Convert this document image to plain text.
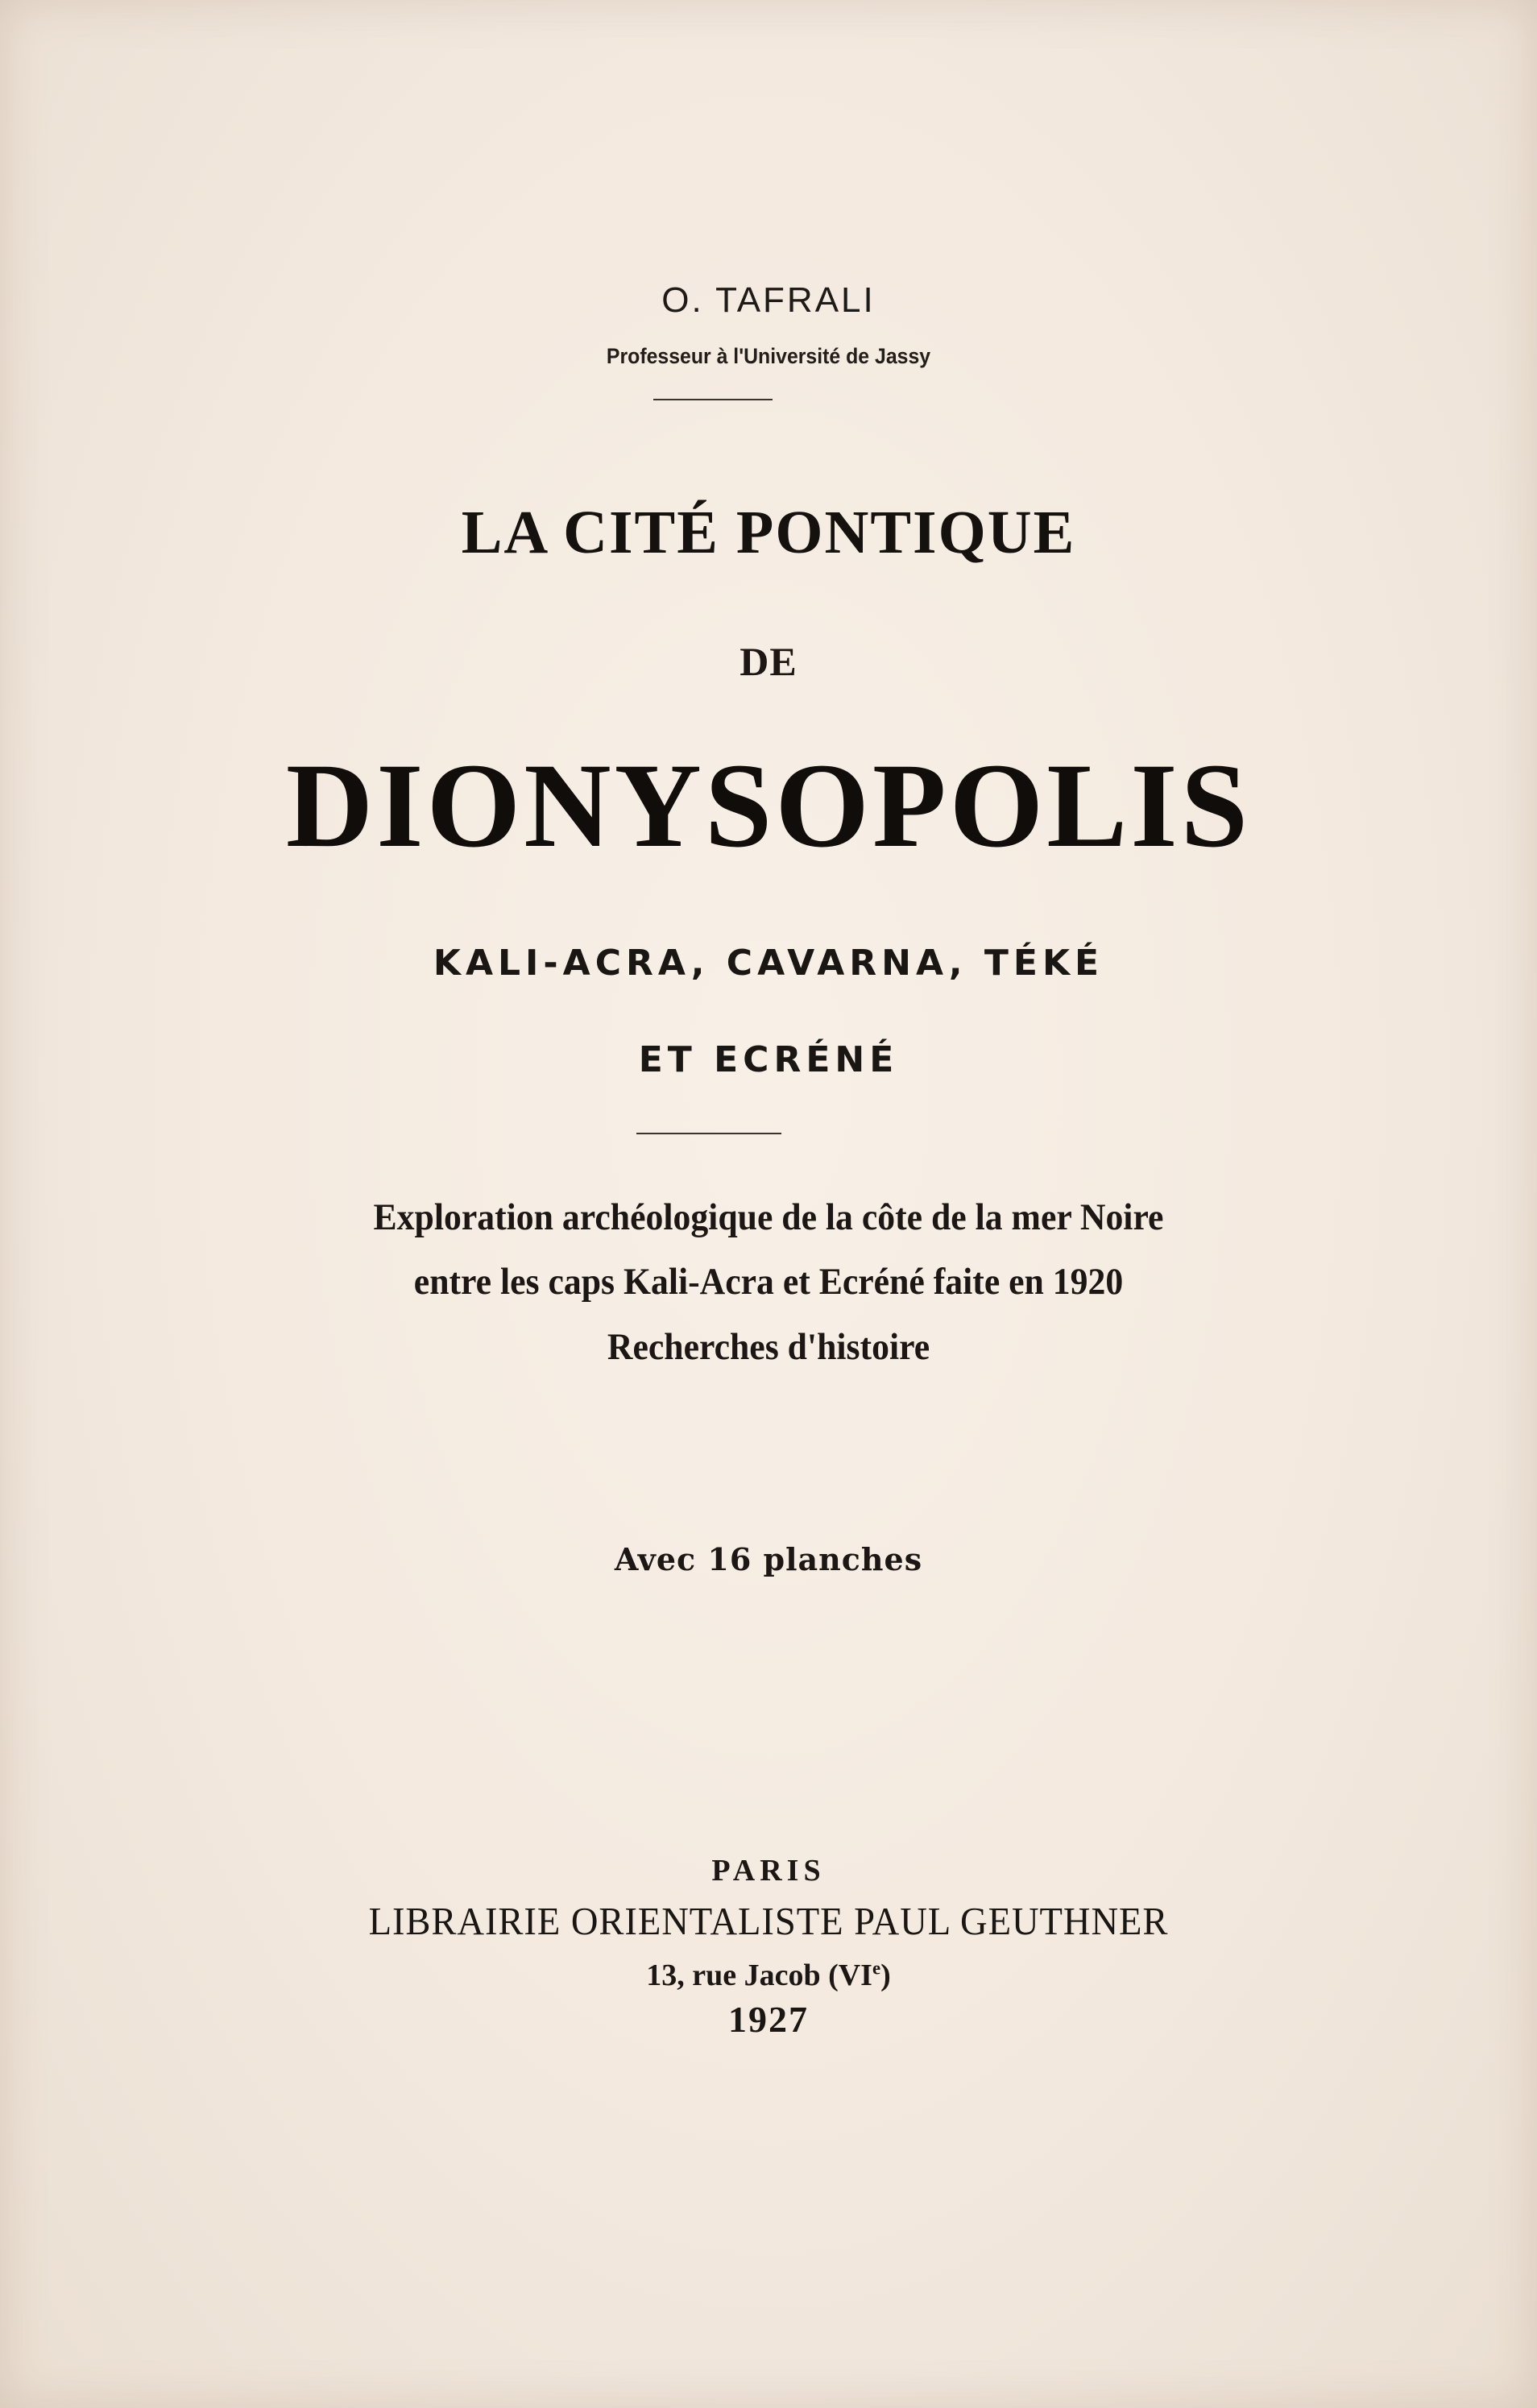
O. TAFRALI
Professeur à l'Université de Jassy
LA CITÉ PONTIQUE
DE
DIONYSOPOLIS
KALI-ACRA, CAVARNA, TÉKÉ
ET ECRÉNÉ
Exploration archéologique de la côte de la mer Noire
entre les caps Kali-Acra et Ecréné faite en 1920
Recherches d'histoire
Avec 16 planches
PARIS
LIBRAIRIE ORIENTALISTE PAUL GEUTHNER
13, rue Jacob (VIe)
1927
